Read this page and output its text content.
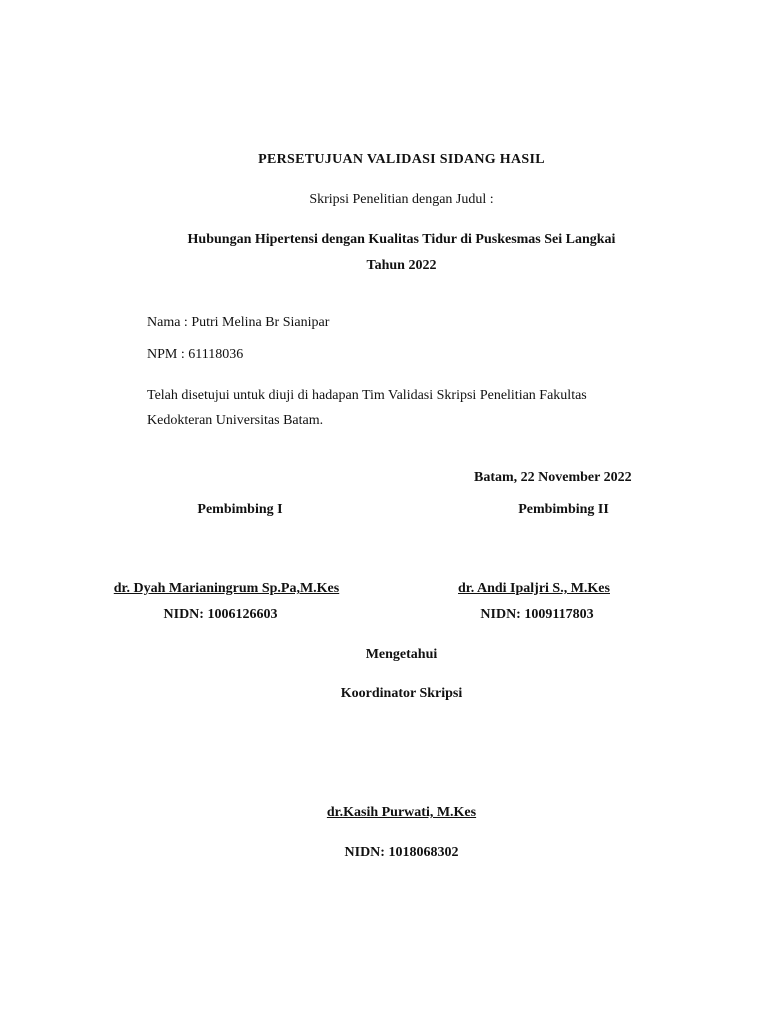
PERSETUJUAN VALIDASI SIDANG HASIL
Skripsi Penelitian dengan Judul :
Hubungan Hipertensi dengan Kualitas Tidur di Puskesmas Sei Langkai
Tahun 2022
Nama : Putri Melina Br Sianipar
NPM : 61118036
Telah disetujui untuk diuji di hadapan Tim Validasi Skripsi Penelitian Fakultas
Kedokteran Universitas Batam.
Batam, 22 November 2022
Pembimbing I	Pembimbing II
dr. Dyah Marianingrum Sp.Pa,M.Kes	dr. Andi Ipaljri S., M.Kes
NIDN: 1006126603	NIDN: 1009117803
Mengetahui
Koordinator Skripsi
dr.Kasih Purwati, M.Kes
NIDN: 1018068302
